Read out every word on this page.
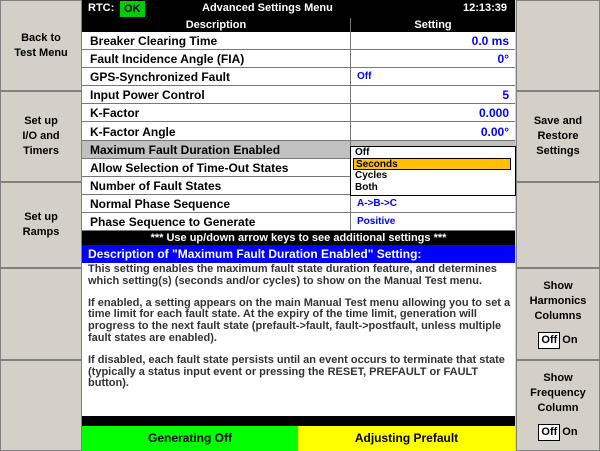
Back to
Test Menu
Set up
I/O and
Timers
Set up
Ramps
Save and
Restore
Settings
Show
Harmonics
Columns
Off On
Show
Frequency
Column
Off On
RTC: OK	Advanced Settings Menu	12:13:39
Description	Setting
Breaker Clearing Time	0.0 ms
Fault Incidence Angle (FIA)	0°
GPS-Synchronized Fault	Off
Input Power Control	5
K-Factor	0.000
K-Factor Angle	0.00°
Maximum Fault Duration Enabled
Allow Selection of Time-Out States
Number of Fault States
Normal Phase Sequence	A->B->C
Phase Sequence to Generate	Positive
Off
Seconds
Cycles
Both
*** Use up/down arrow keys to see additional settings ***
Description of "Maximum Fault Duration Enabled" Setting:

This setting enables the maximum fault state duration feature, and determines which setting(s) (seconds and/or cycles) to show on the Manual Test menu.

If enabled, a setting appears on the main Manual Test menu allowing you to set a time limit for each fault state. At the expiry of the time limit, generation will progress to the next fault state (prefault->fault, fault->postfault, unless multiple fault states are enabled).

If disabled, each fault state persists until an event occurs to terminate that state (typically a status input event or pressing the RESET, PREFAULT or FAULT button).

Generating Off	Adjusting Prefault
